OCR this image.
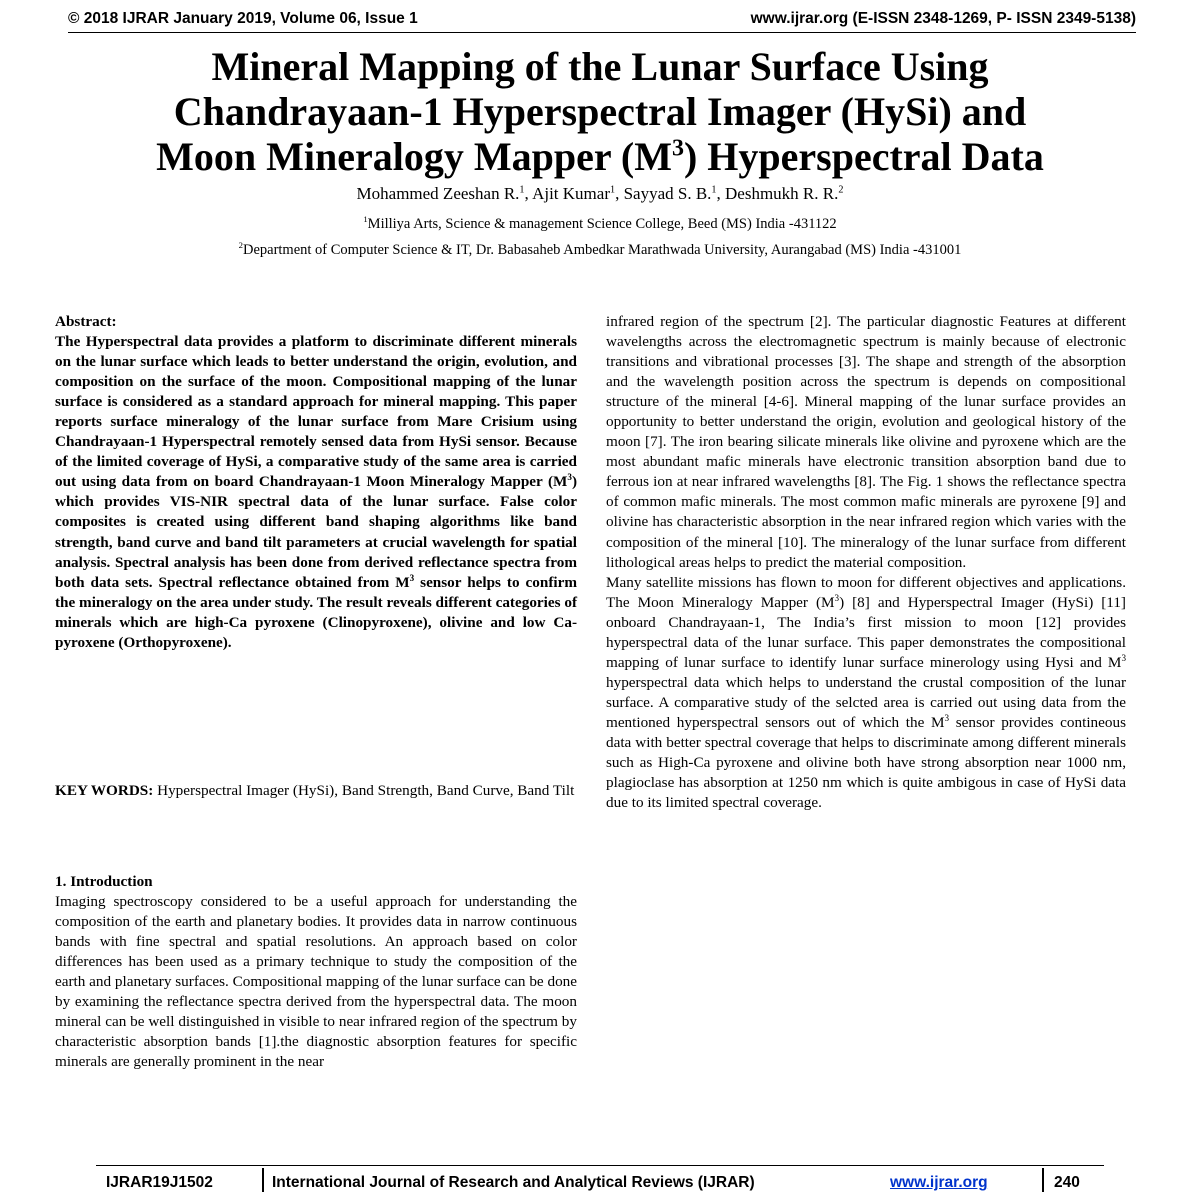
© 2018 IJRAR January 2019, Volume 06, Issue 1	www.ijrar.org (E-ISSN 2348-1269, P- ISSN 2349-5138)
Mineral Mapping of the Lunar Surface Using
Chandrayaan-1 Hyperspectral Imager (HySi) and
Moon Mineralogy Mapper $(M^3)$ Hyperspectral Data
Mohammed Zeeshan R.$^1$, Ajit Kumar$^1$, Sayyad S. B.$^1$, Deshmukh R. R.$^2$
$^1$Milliya Arts, Science & management Science College, Beed (MS) India -431122
$^2$Department of Computer Science & IT, Dr. Babasaheb Ambedkar Marathwada University, Aurangabad (MS) India -431001

Abstract:

The Hyperspectral data provides a platform to discriminate different minerals on the lunar surface which leads to better understand the origin, evolution, and composition on the surface of the moon. Compositional mapping of the lunar surface is considered as a standard approach for mineral mapping. This paper reports surface mineralogy of the lunar surface from Mare Crisium using Chandrayaan-1 Hyperspectral remotely sensed data from HySi sensor. Because of the limited coverage of HySi, a comparative study of the same area is carried out using data from on board Chandrayaan-1 Moon Mineralogy Mapper $(M^3)$ which provides VIS-NIR spectral data of the lunar surface. False color composites is created using different band shaping algorithms like band strength, band curve and band tilt parameters at crucial wavelength for spatial analysis. Spectral analysis has been done from derived reflectance spectra from both data sets. Spectral reflectance obtained from $M^3$ sensor helps to confirm the mineralogy on the area under study. The result reveals different categories of minerals which are high-Ca pyroxene (Clinopyroxene), olivine and low Ca-pyroxene (Orthopyroxene).

KEY WORDS: Hyperspectral Imager (HySi), Band Strength, Band Curve, Band Tilt
1. Introduction

Imaging spectroscopy considered to be a useful approach for understanding the composition of the earth and planetary bodies. It provides data in narrow continuous bands with fine spectral and spatial resolutions. An approach based on color differences has been used as a primary technique to study the composition of the earth and planetary surfaces. Compositional mapping of the lunar surface can be done by examining the reflectance spectra derived from the hyperspectral data. The moon mineral can be well distinguished in visible to near infrared region of the spectrum by characteristic absorption bands [1].the diagnostic absorption features for specific minerals are generally prominent in the near

infrared region of the spectrum [2]. The particular diagnostic Features at different wavelengths across the electromagnetic spectrum is mainly because of electronic transitions and vibrational processes [3]. The shape and strength of the absorption and the wavelength position across the spectrum is depends on compositional structure of the mineral [4-6]. Mineral mapping of the lunar surface provides an opportunity to better understand the origin, evolution and geological history of the moon [7]. The iron bearing silicate minerals like olivine and pyroxene which are the most abundant mafic minerals have electronic transition absorption band due to ferrous ion at near infrared wavelengths [8]. The Fig. 1 shows the reflectance spectra of common mafic minerals. The most common mafic minerals are pyroxene [9] and olivine has characteristic absorption in the near infrared region which varies with the composition of the mineral [10]. The mineralogy of the lunar surface from different lithological areas helps to predict the material composition.

Many satellite missions has flown to moon for different objectives and applications. The Moon Mineralogy Mapper $(M^3)$ [8] and Hyperspectral Imager (HySi) [11] onboard Chandrayaan-1, The India’s first mission to moon [12] provides hyperspectral data of the lunar surface. This paper demonstrates the compositional mapping of lunar surface to identify lunar surface minerology using Hysi and $M^3$ hyperspectral data which helps to understand the crustal composition of the lunar surface. A comparative study of the selcted area is carried out using data from the mentioned hyperspectral sensors out of which the $M^3$ sensor provides contineous data with better spectral coverage that helps to discriminate among different minerals such as High-Ca pyroxene and olivine both have strong absorption near 1000 nm, plagioclase has absorption at 1250 nm which is quite ambigous in case of HySi data due to its limited spectral coverage.

IJRAR19J1502	International Journal of Research and Analytical Reviews (IJRAR)	www.ijrar.org	240
